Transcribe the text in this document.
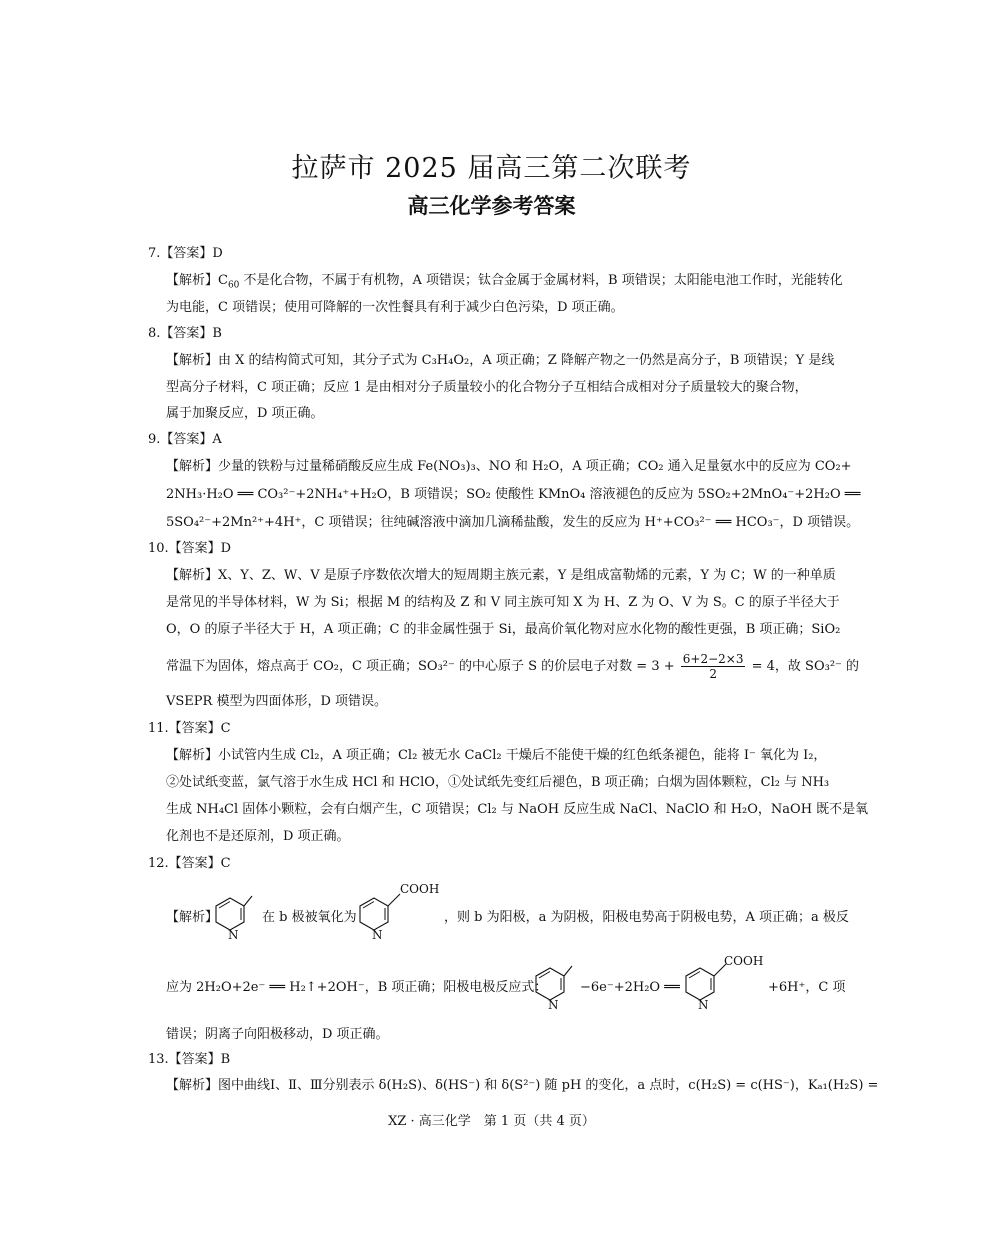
拉萨市 2025 届高三第二次联考
高三化学参考答案
7.【答案】D
【解析】$C_{60}$ 不是化合物，不属于有机物，A 项错误；钛合金属于金属材料，B 项错误；太阳能电池工作时，光能转化
为电能，C 项错误；使用可降解的一次性餐具有利于减少白色污染，D 项正确。
8.【答案】B
【解析】由 X 的结构简式可知，其分子式为 C₃H₄O₂，A 项正确；Z 降解产物之一仍然是高分子，B 项错误；Y 是线
型高分子材料，C 项正确；反应 1 是由相对分子质量较小的化合物分子互相结合成相对分子质量较大的聚合物，
属于加聚反应，D 项正确。
9.【答案】A
【解析】少量的铁粉与过量稀硝酸反应生成 Fe(NO₃)₃、NO 和 H₂O，A 项正确；CO₂ 通入足量氨水中的反应为 CO₂+
2NH₃·H₂O ══ CO₃²⁻+2NH₄⁺+H₂O，B 项错误；SO₂ 使酸性 KMnO₄ 溶液褪色的反应为 5SO₂+2MnO₄⁻+2H₂O ══
5SO₄²⁻+2Mn²⁺+4H⁺，C 项错误；往纯碱溶液中滴加几滴稀盐酸，发生的反应为 H⁺+CO₃²⁻ ══ HCO₃⁻，D 项错误。
10.【答案】D
【解析】X、Y、Z、W、V 是原子序数依次增大的短周期主族元素，Y 是组成富勒烯的元素，Y 为 C；W 的一种单质
是常见的半导体材料，W 为 Si；根据 M 的结构及 Z 和 V 同主族可知 X 为 H、Z 为 O、V 为 S。C 的原子半径大于
O，O 的原子半径大于 H，A 项正确；C 的非金属性强于 Si，最高价氧化物对应水化物的酸性更强，B 项正确；SiO₂
常温下为固体，熔点高于 CO₂，C 项正确；SO₃²⁻ 的中心原子 S 的价层电子对数 = $3 + \frac{6+2-2\times 3}{2} = 4$，故 SO₃²⁻ 的
VSEPR 模型为四面体形，D 项错误。
11.【答案】C
【解析】小试管内生成 Cl₂，A 项正确；Cl₂ 被无水 CaCl₂ 干燥后不能使干燥的红色纸条褪色，能将 I⁻ 氧化为 I₂，
②处试纸变蓝，氯气溶于水生成 HCl 和 HClO，①处试纸先变红后褪色，B 项正确；白烟为固体颗粒，Cl₂ 与 NH₃
生成 NH₄Cl 固体小颗粒，会有白烟产生，C 项错误；Cl₂ 与 NaOH 反应生成 NaCl、NaClO 和 H₂O，NaOH 既不是氧
化剂也不是还原剂，D 项正确。
12.【答案】C
【解析】
N
在 b 极被氧化为
COOH
N
，则 b 为阳极，a 为阴极，阳极电势高于阴极电势，A 项正确；a 极反
应为 2H₂O+2e⁻ ══ H₂↑+2OH⁻，B 项正确；阳极电极反应式：
N
−6e⁻+2H₂O ══
COOH
N
+6H⁺，C 项
错误；阴离子向阳极移动，D 项正确。
13.【答案】B
【解析】图中曲线Ⅰ、Ⅱ、Ⅲ分别表示 δ(H₂S)、δ(HS⁻) 和 δ(S²⁻) 随 pH 的变化，a 点时，c(H₂S) = c(HS⁻)，Kₐ₁(H₂S) =
XZ · 高三化学　第 1 页（共 4 页）
